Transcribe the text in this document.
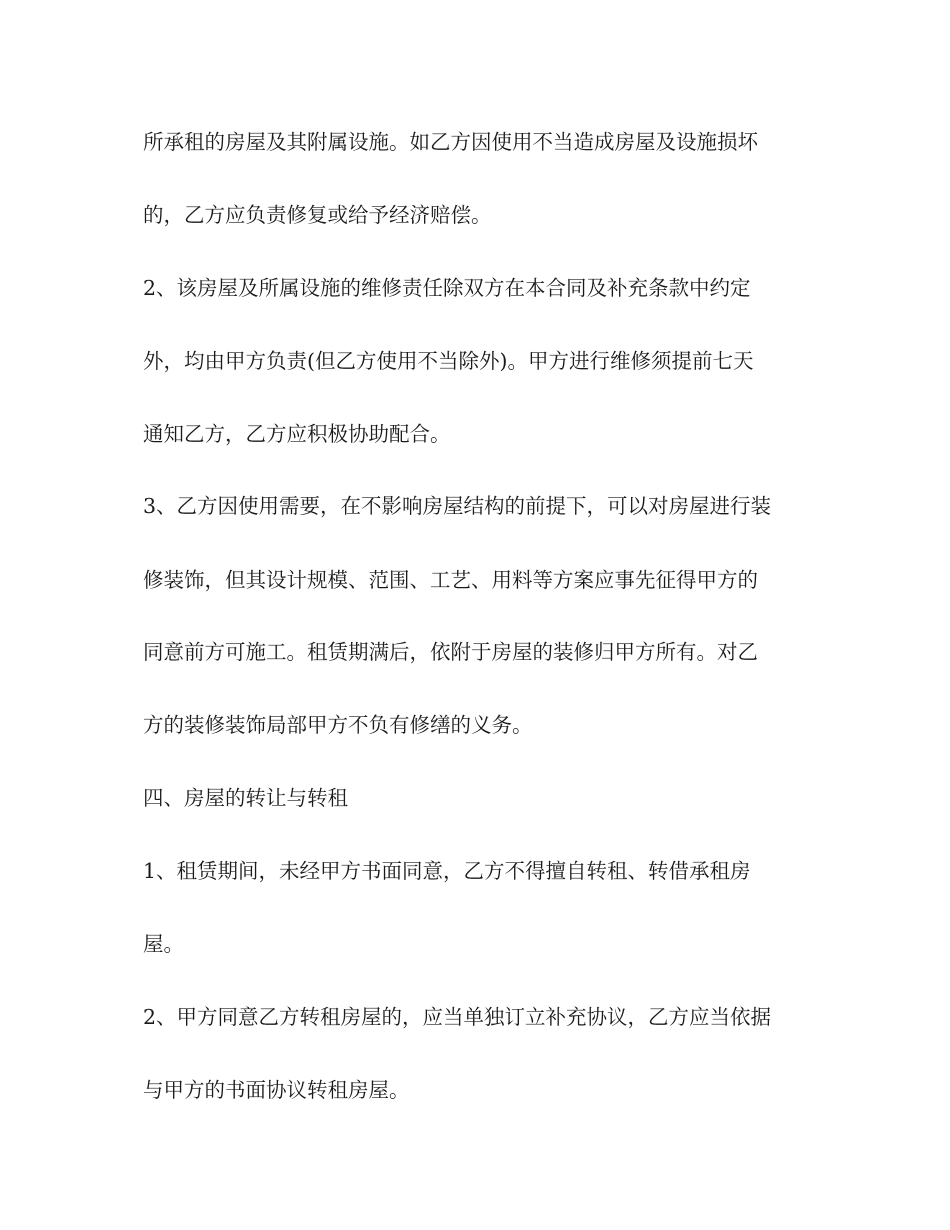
所承租的房屋及其附属设施。如乙方因使用不当造成房屋及设施损坏
的，乙方应负责修复或给予经济赔偿。
2、该房屋及所属设施的维修责任除双方在本合同及补充条款中约定
外，均由甲方负责(但乙方使用不当除外)。甲方进行维修须提前七天
通知乙方，乙方应积极协助配合。
3、乙方因使用需要，在不影响房屋结构的前提下，可以对房屋进行装
修装饰，但其设计规模、范围、工艺、用料等方案应事先征得甲方的
同意前方可施工。租赁期满后，依附于房屋的装修归甲方所有。对乙
方的装修装饰局部甲方不负有修缮的义务。
四、房屋的转让与转租
1、租赁期间，未经甲方书面同意，乙方不得擅自转租、转借承租房
屋。
2、甲方同意乙方转租房屋的，应当单独订立补充协议，乙方应当依据
与甲方的书面协议转租房屋。
